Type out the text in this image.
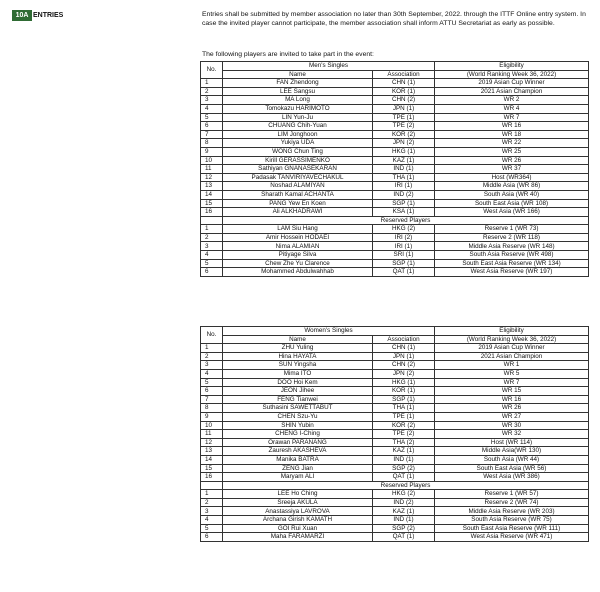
10A ENTRIES	Entries shall be submitted by member association no later than 30th September, 2022. through the ITTF Online entry system. In case the invited player cannot participate, the member association shall inform ATTU Secretariat as early as possible.
The following players are invited to take part in the event:
No.	Men's Singles		Eligibility
	Name	Association	(World Ranking Week 36, 2022)
1	FAN Zhendong	CHN (1)	2019 Asian Cup Winner
2	LEE Sangsu	KOR (1)	2021 Asian Champion
3	MA Long	CHN (2)	WR 2
4	Tomokazu HARIMOTO	JPN (1)	WR 4
5	LIN Yun-Ju	TPE (1)	WR 7
6	CHUANG Chih-Yuan	TPE (2)	WR 16
7	LIM Jonghoon	KOR (2)	WR 18
8	Yukiya UDA	JPN (2)	WR 22
9	WONG Chun Ting	HKG (1)	WR 25
10	Kirill GERASSIMENKO	KAZ (1)	WR 26
11	Sathiyan GNANASEKARAN	IND (1)	WR 37
12	Padasak TANVIRIYAVECHAKUL	THA (1)	Host (WR364)
13	Noshad ALAMIYAN	IRI (1)	Middle Asia (WR 86)
14	Sharath Kamal ACHANTA	IND (2)	South Asia (WR 40)
15	PANG Yew En Koen	SGP (1)	South East Asia (WR 108)
16	Ali ALKHADRAWI	KSA (1)	West Asia (WR 166)
	Reserved Players		
1	LAM Siu Hang	HKG (2)	Reserve 1 (WR 73)
2	Amir Hossein HODAEI	IRI (2)	Reserve 2 (WR 118)
3	Nima ALAMIAN	IRI (1)	Middle Asia Reserve (WR 148)
4	Pitiyage Silva	SRI (1)	South Asia Reserve (WR 498)
5	Chew Zhe Yu Clarence	SGP (1)	South East Asia Reserve (WR 134)
6	Mohammed Abdulwahhab	QAT (1)	West Asia Reserve (WR 197)
No.	Women's Singles		Eligibility
	Name	Association	(World Ranking Week 36, 2022)
1	ZHU Yuling	CHN (1)	2019 Asian Cup Winner
2	Hina HAYATA	JPN (1)	2021 Asian Champion
3	SUN Yingsha	CHN (2)	WR 1
4	Mima ITO	JPN (2)	WR 5
5	DOO Hoi Kem	HKG (1)	WR 7
6	JEON Jihee	KOR (1)	WR 15
7	FENG Tianwei	SGP (1)	WR 16
8	Suthasini SAWETTABUT	THA (1)	WR 26
9	CHEN Szu-Yu	TPE (1)	WR 27
10	SHIN Yubin	KOR (2)	WR 30
11	CHENG I-Ching	TPE (2)	WR 32
12	Orawan PARANANG	THA (2)	Host (WR 114)
13	Zauresh AKASHEVA	KAZ (1)	Middle Asia(WR 130)
14	Manika BATRA	IND (1)	South Asia (WR 44)
15	ZENG Jian	SGP (2)	South East Asia (WR 56)
16	Maryam ALI	QAT (1)	West Asia (WR 386)
	Reserved Players		
1	LEE Ho Ching	HKG (2)	Reserve 1 (WR 57)
2	Sreeja AKULA	IND (2)	Reserve 2 (WR 74)
3	Anastassiya LAVROVA	KAZ (1)	Middle Asia Reserve (WR 203)
4	Archana Girish KAMATH	IND (1)	South Asia Reserve (WR 75)
5	GOI Rui Xuan	SGP (2)	South East Asia Reserve (WR 111)
6	Maha FARAMARZI	QAT (1)	West Asia Reserve (WR 471)
